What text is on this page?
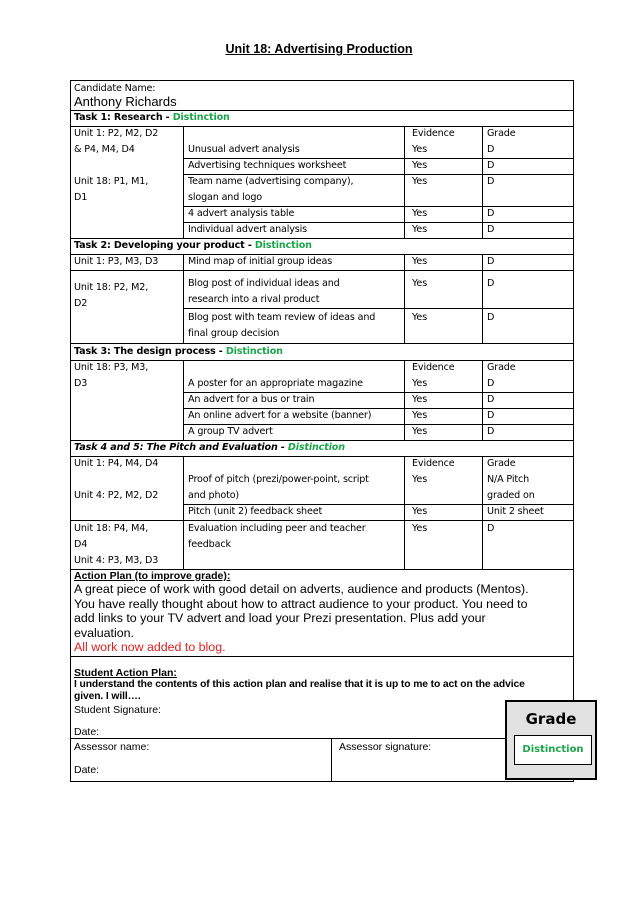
Unit 18: Advertising Production
Candidate Name:
Anthony Richards
Task 1: Research - Distinction
Unit 1: P2, M2, D2
& P4, M4, D4
Unit 18: P1, M1,
D1
Evidence	Grade
Unusual advert analysis	Yes	D
Advertising techniques worksheet	Yes	D
Team name (advertising company),
slogan and logo
Yes	D
4 advert analysis table	Yes	D
Individual advert analysis	Yes	D
Task 2: Developing your product - Distinction
Unit 1: P3, M3, D3
Unit 18: P2, M2,
D2
Mind map of initial group ideas	Yes	D
Blog post of individual ideas and
research into a rival product
Yes	D
Blog post with team review of ideas and
final group decision
Yes	D
Task 3: The design process - Distinction
Unit 18: P3, M3,
D3
Evidence	Grade
A poster for an appropriate magazine	Yes	D
An advert for a bus or train	Yes	D
An online advert for a website (banner)	Yes	D
A group TV advert	Yes	D
Task 4 and 5: The Pitch and Evaluation - Distinction
Unit 1: P4, M4, D4
Unit 4: P2, M2, D2
Evidence	Grade
Proof of pitch (prezi/power-point, script
and photo)
Yes	N/A Pitch
graded on
Pitch (unit 2) feedback sheet	Yes	Unit 2 sheet
Unit 18: P4, M4,
D4
Unit 4: P3, M3, D3
Evaluation including peer and teacher
feedback
Yes	D
Action Plan (to improve grade):
A great piece of work with good detail on adverts, audience and products (Mentos).
You have really thought about how to attract audience to your product. You need to
add links to your TV advert and load your Prezi presentation. Plus add your
evaluation.
All work now added to blog.
Student Action Plan:
I understand the contents of this action plan and realise that it is up to me to act on the advice
given. I will….
Student Signature:
Date:
Assessor name:	Assessor signature:
Date:
Grade
Distinction
